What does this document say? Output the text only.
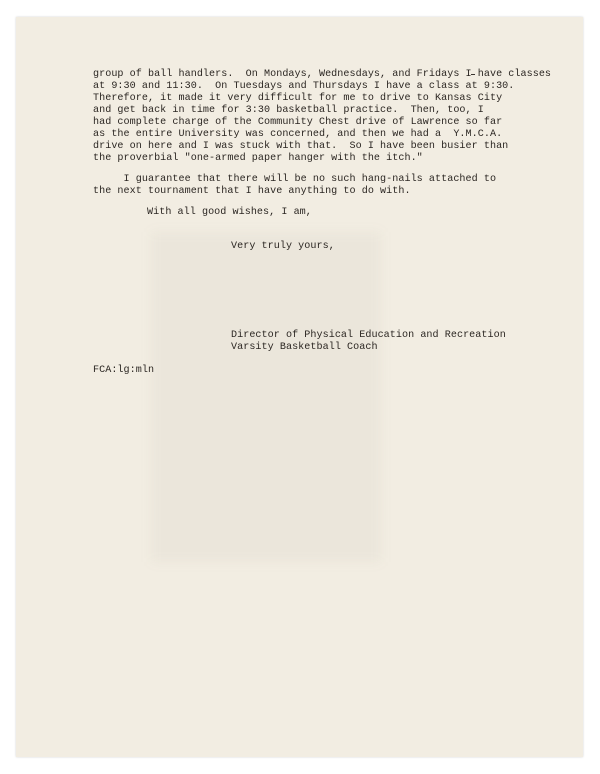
group of ball handlers.  On Mondays, Wednesdays, and Fridays I have classes
at 9:30 and 11:30.  On Tuesdays and Thursdays I have a class at 9:30.
Therefore, it made it very difficult for me to drive to Kansas City
and get back in time for 3:30 basketball practice.  Then, too, I
had complete charge of the Community Chest drive of Lawrence so far
as the entire University was concerned, and then we had a  Y.M.C.A.
drive on here and I was stuck with that.  So I have been busier than
the proverbial "one-armed paper hanger with the itch."
I guarantee that there will be no such hang-nails attached to
the next tournament that I have anything to do with.
With all good wishes, I am,
Very truly yours,
Director of Physical Education and Recreation
Varsity Basketball Coach
FCA:lg:mln
